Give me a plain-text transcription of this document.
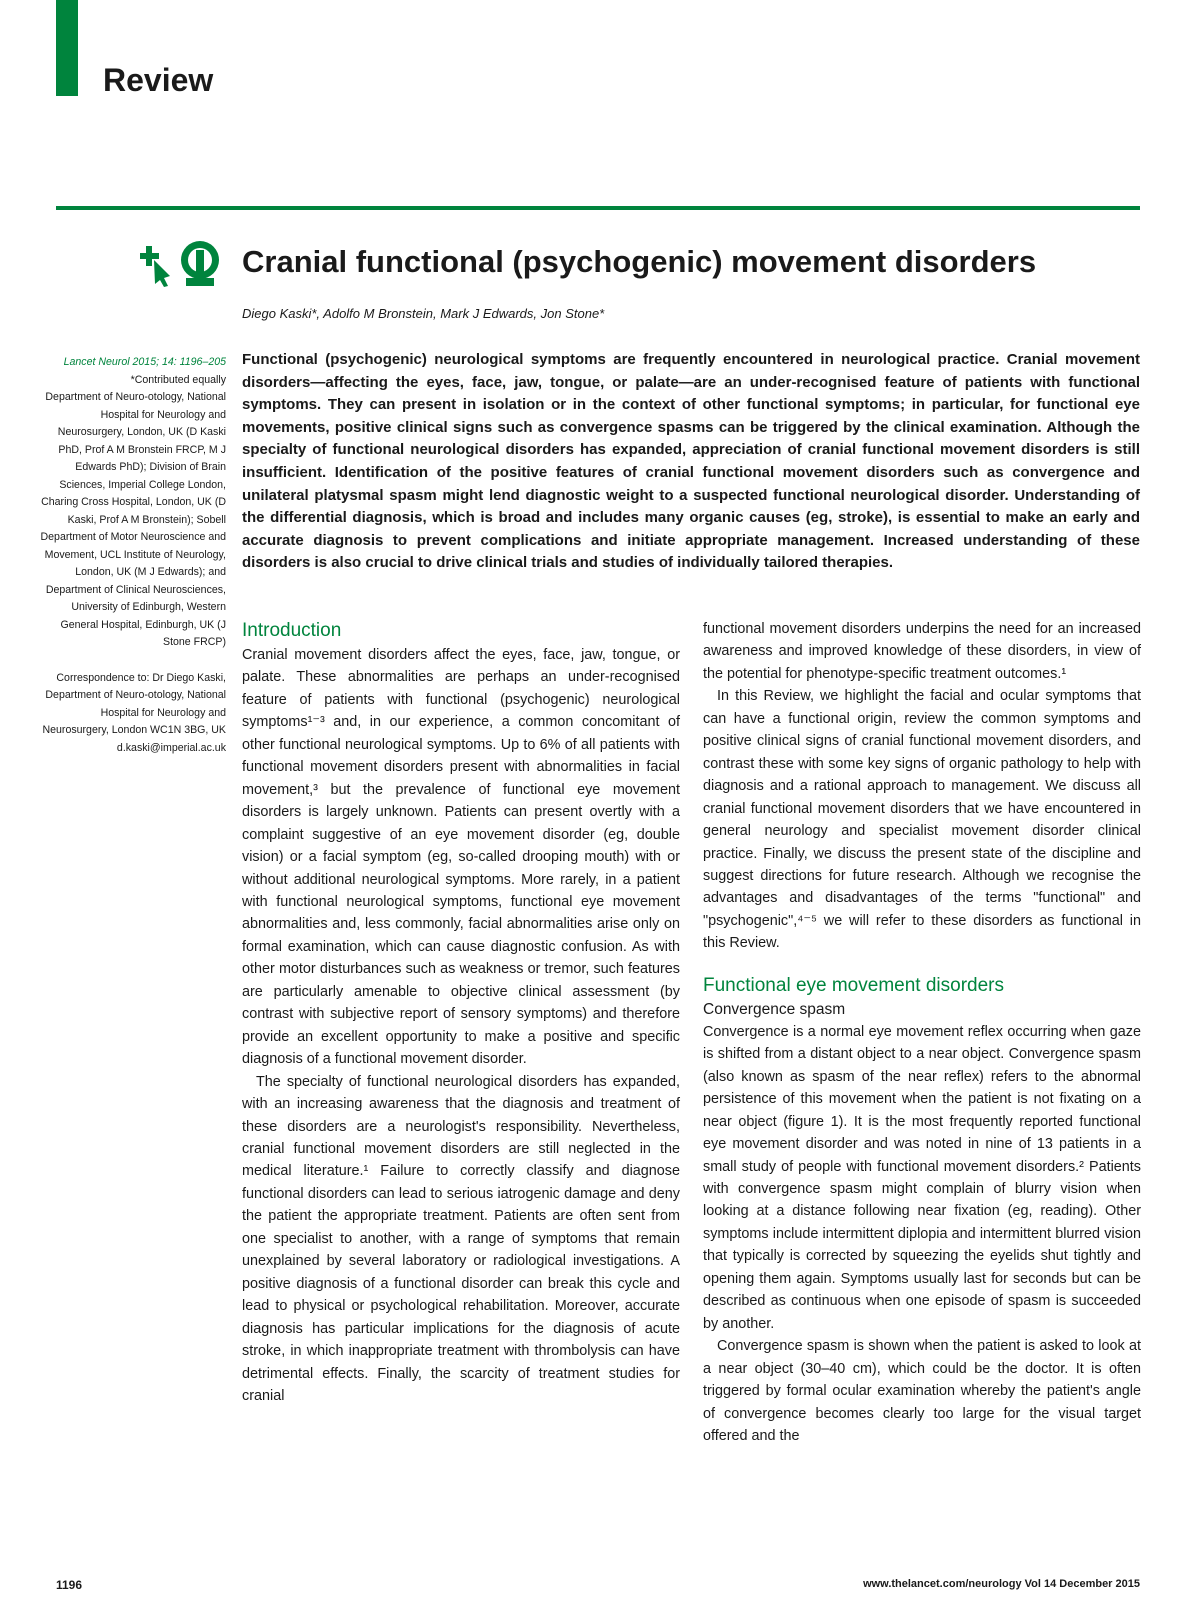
Review
Cranial functional (psychogenic) movement disorders
Diego Kaski*, Adolfo M Bronstein, Mark J Edwards, Jon Stone*

Lancet Neurol 2015; 14: 1196–205

*Contributed equally

Department of Neuro-otology, National Hospital for Neurology and Neurosurgery, London, UK (D Kaski PhD, Prof A M Bronstein FRCP, M J Edwards PhD); Division of Brain Sciences, Imperial College London, Charing Cross Hospital, London, UK (D Kaski, Prof A M Bronstein); Sobell Department of Motor Neuroscience and Movement, UCL Institute of Neurology, London, UK (M J Edwards); and Department of Clinical Neurosciences, University of Edinburgh, Western General Hospital, Edinburgh, UK (J Stone FRCP)

Correspondence to: Dr Diego Kaski, Department of Neuro-otology, National Hospital for Neurology and Neurosurgery, London WC1N 3BG, UK

d.kaski@imperial.ac.uk

Functional (psychogenic) neurological symptoms are frequently encountered in neurological practice. Cranial movement disorders—affecting the eyes, face, jaw, tongue, or palate—are an under-recognised feature of patients with functional symptoms. They can present in isolation or in the context of other functional symptoms; in particular, for functional eye movements, positive clinical signs such as convergence spasms can be triggered by the clinical examination. Although the specialty of functional neurological disorders has expanded, appreciation of cranial functional movement disorders is still insufficient. Identification of the positive features of cranial functional movement disorders such as convergence and unilateral platysmal spasm might lend diagnostic weight to a suspected functional neurological disorder. Understanding of the differential diagnosis, which is broad and includes many organic causes (eg, stroke), is essential to make an early and accurate diagnosis to prevent complications and initiate appropriate management. Increased understanding of these disorders is also crucial to drive clinical trials and studies of individually tailored therapies.

Introduction

Cranial movement disorders affect the eyes, face, jaw, tongue, or palate. These abnormalities are perhaps an under-recognised feature of patients with functional (psychogenic) neurological symptoms¹⁻³ and, in our experience, a common concomitant of other functional neurological symptoms. Up to 6% of all patients with functional movement disorders present with abnormalities in facial movement,³ but the prevalence of functional eye movement disorders is largely unknown. Patients can present overtly with a complaint suggestive of an eye movement disorder (eg, double vision) or a facial symptom (eg, so-called drooping mouth) with or without additional neurological symptoms. More rarely, in a patient with functional neurological symptoms, functional eye movement abnormalities and, less commonly, facial abnormalities arise only on formal examination, which can cause diagnostic confusion. As with other motor disturbances such as weakness or tremor, such features are particularly amenable to objective clinical assessment (by contrast with subjective report of sensory symptoms) and therefore provide an excellent opportunity to make a positive and specific diagnosis of a functional movement disorder.

The specialty of functional neurological disorders has expanded, with an increasing awareness that the diagnosis and treatment of these disorders are a neurologist's responsibility. Nevertheless, cranial functional movement disorders are still neglected in the medical literature.¹ Failure to correctly classify and diagnose functional disorders can lead to serious iatrogenic damage and deny the patient the appropriate treatment. Patients are often sent from one specialist to another, with a range of symptoms that remain unexplained by several laboratory or radiological investigations. A positive diagnosis of a functional disorder can break this cycle and lead to physical or psychological rehabilitation. Moreover, accurate diagnosis has particular implications for the diagnosis of acute stroke, in which inappropriate treatment with thrombolysis can have detrimental effects. Finally, the scarcity of treatment studies for cranial

functional movement disorders underpins the need for an increased awareness and improved knowledge of these disorders, in view of the potential for phenotype-specific treatment outcomes.¹

In this Review, we highlight the facial and ocular symptoms that can have a functional origin, review the common symptoms and positive clinical signs of cranial functional movement disorders, and contrast these with some key signs of organic pathology to help with diagnosis and a rational approach to management. We discuss all cranial functional movement disorders that we have encountered in general neurology and specialist movement disorder clinical practice. Finally, we discuss the present state of the discipline and suggest directions for future research. Although we recognise the advantages and disadvantages of the terms "functional" and "psychogenic",⁴⁻⁵ we will refer to these disorders as functional in this Review.

Functional eye movement disorders
Convergence spasm

Convergence is a normal eye movement reflex occurring when gaze is shifted from a distant object to a near object. Convergence spasm (also known as spasm of the near reflex) refers to the abnormal persistence of this movement when the patient is not fixating on a near object (figure 1). It is the most frequently reported functional eye movement disorder and was noted in nine of 13 patients in a small study of people with functional movement disorders.² Patients with convergence spasm might complain of blurry vision when looking at a distance following near fixation (eg, reading). Other symptoms include intermittent diplopia and intermittent blurred vision that typically is corrected by squeezing the eyelids shut tightly and opening them again. Symptoms usually last for seconds but can be described as continuous when one episode of spasm is succeeded by another.

Convergence spasm is shown when the patient is asked to look at a near object (30–40 cm), which could be the doctor. It is often triggered by formal ocular examination whereby the patient's angle of convergence becomes clearly too large for the visual target offered and the

1196	www.thelancet.com/neurology Vol 14 December 2015
